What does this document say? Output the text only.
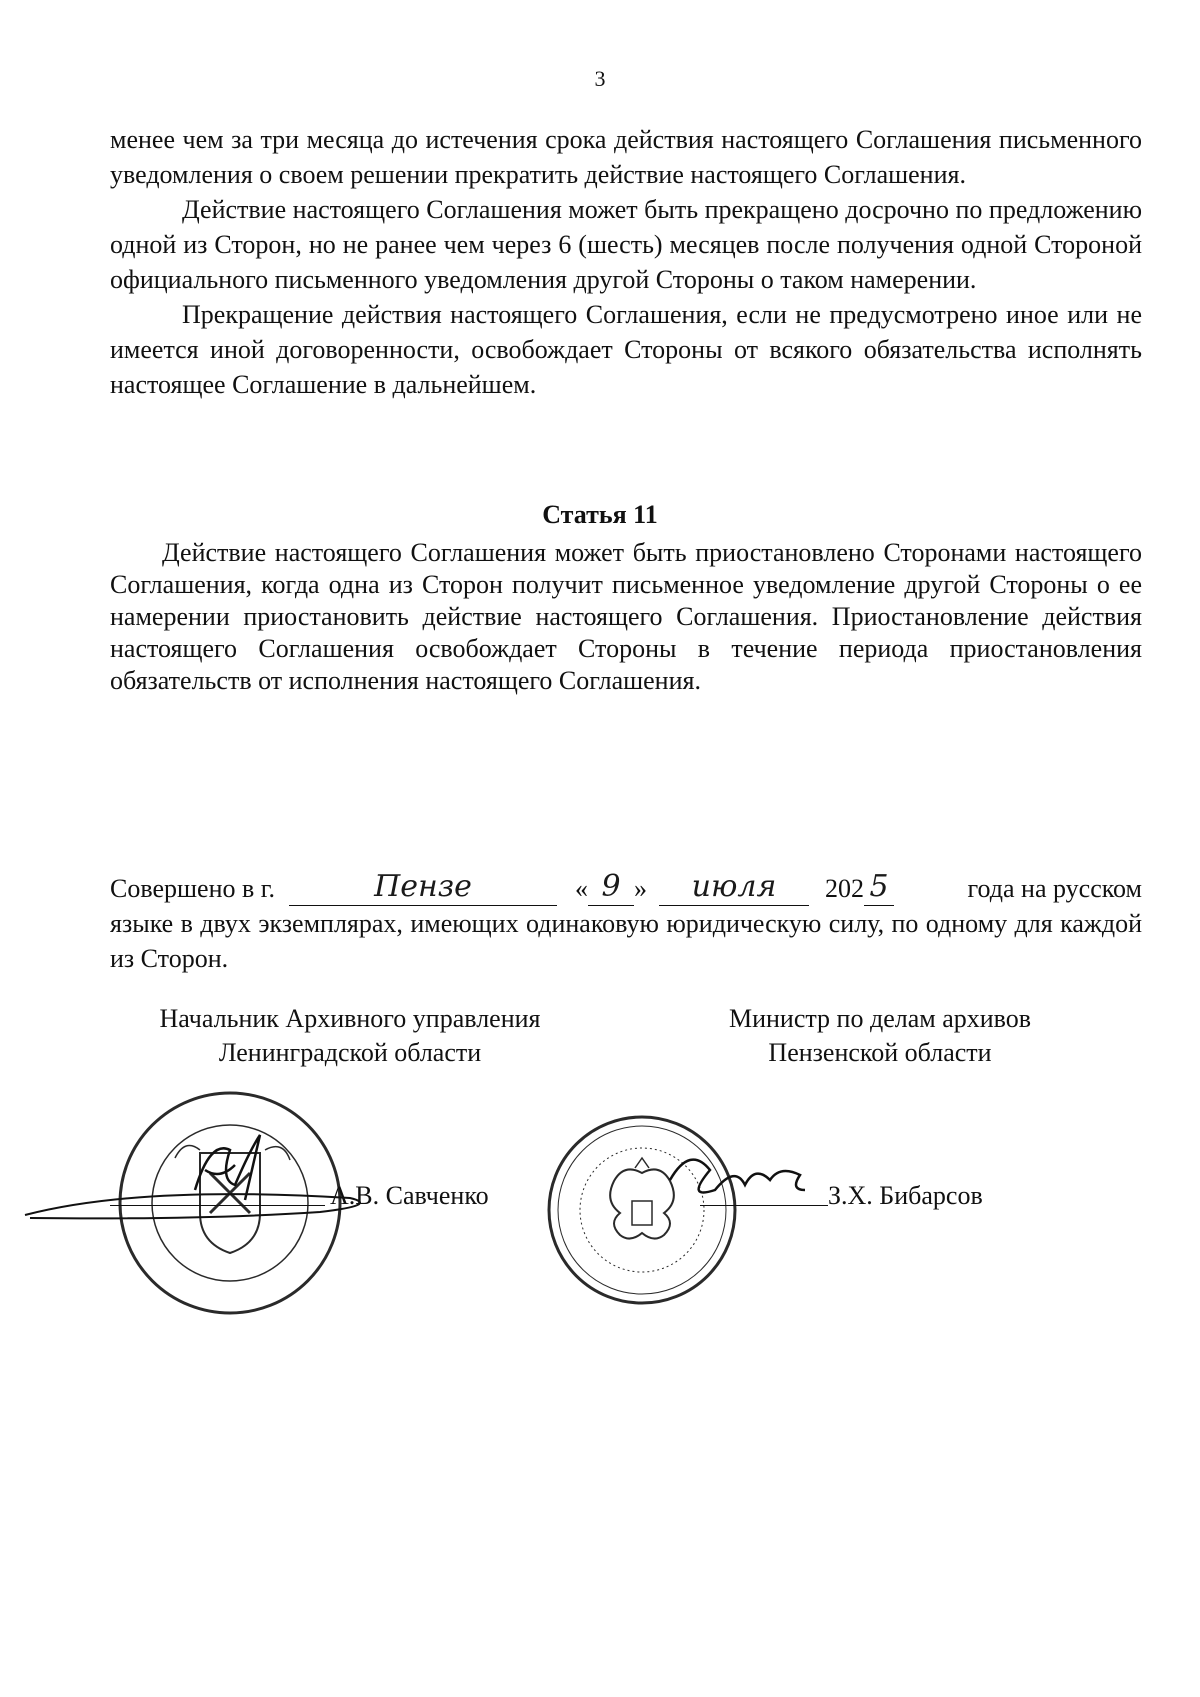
3

менее чем за три месяца до истечения срока действия настоящего Соглашения письменного уведомления о своем решении прекратить действие настоящего Соглашения.

Действие настоящего Соглашения может быть прекращено досрочно по предложению одной из Сторон, но не ранее чем через 6 (шесть) месяцев после получения одной Стороной официального письменного уведомления другой Стороны о таком намерении.

Прекращение действия настоящего Соглашения, если не предусмотрено иное или не имеется иной договоренности, освобождает Стороны от всякого обязательства исполнять настоящее Соглашение в дальнейшем.

Статья 11

Действие настоящего Соглашения может быть приостановлено Сторонами настоящего Соглашения, когда одна из Сторон получит письменное уведомление другой Стороны о ее намерении приостановить действие настоящего Соглашения. Приостановление действия настоящего Соглашения освобождает Стороны в течение периода приостановления обязательств от исполнения настоящего Соглашения.

Совершено в г.	Пензе	« 9 »	июля	202 5	года на русском

языке в двух экземплярах, имеющих одинаковую юридическую силу, по одному для каждой из Сторон.

Начальник Архивного управления
Ленинградской области
Министр по делам архивов
Пензенской области
А.В. Савченко	З.Х. Бибарсов
